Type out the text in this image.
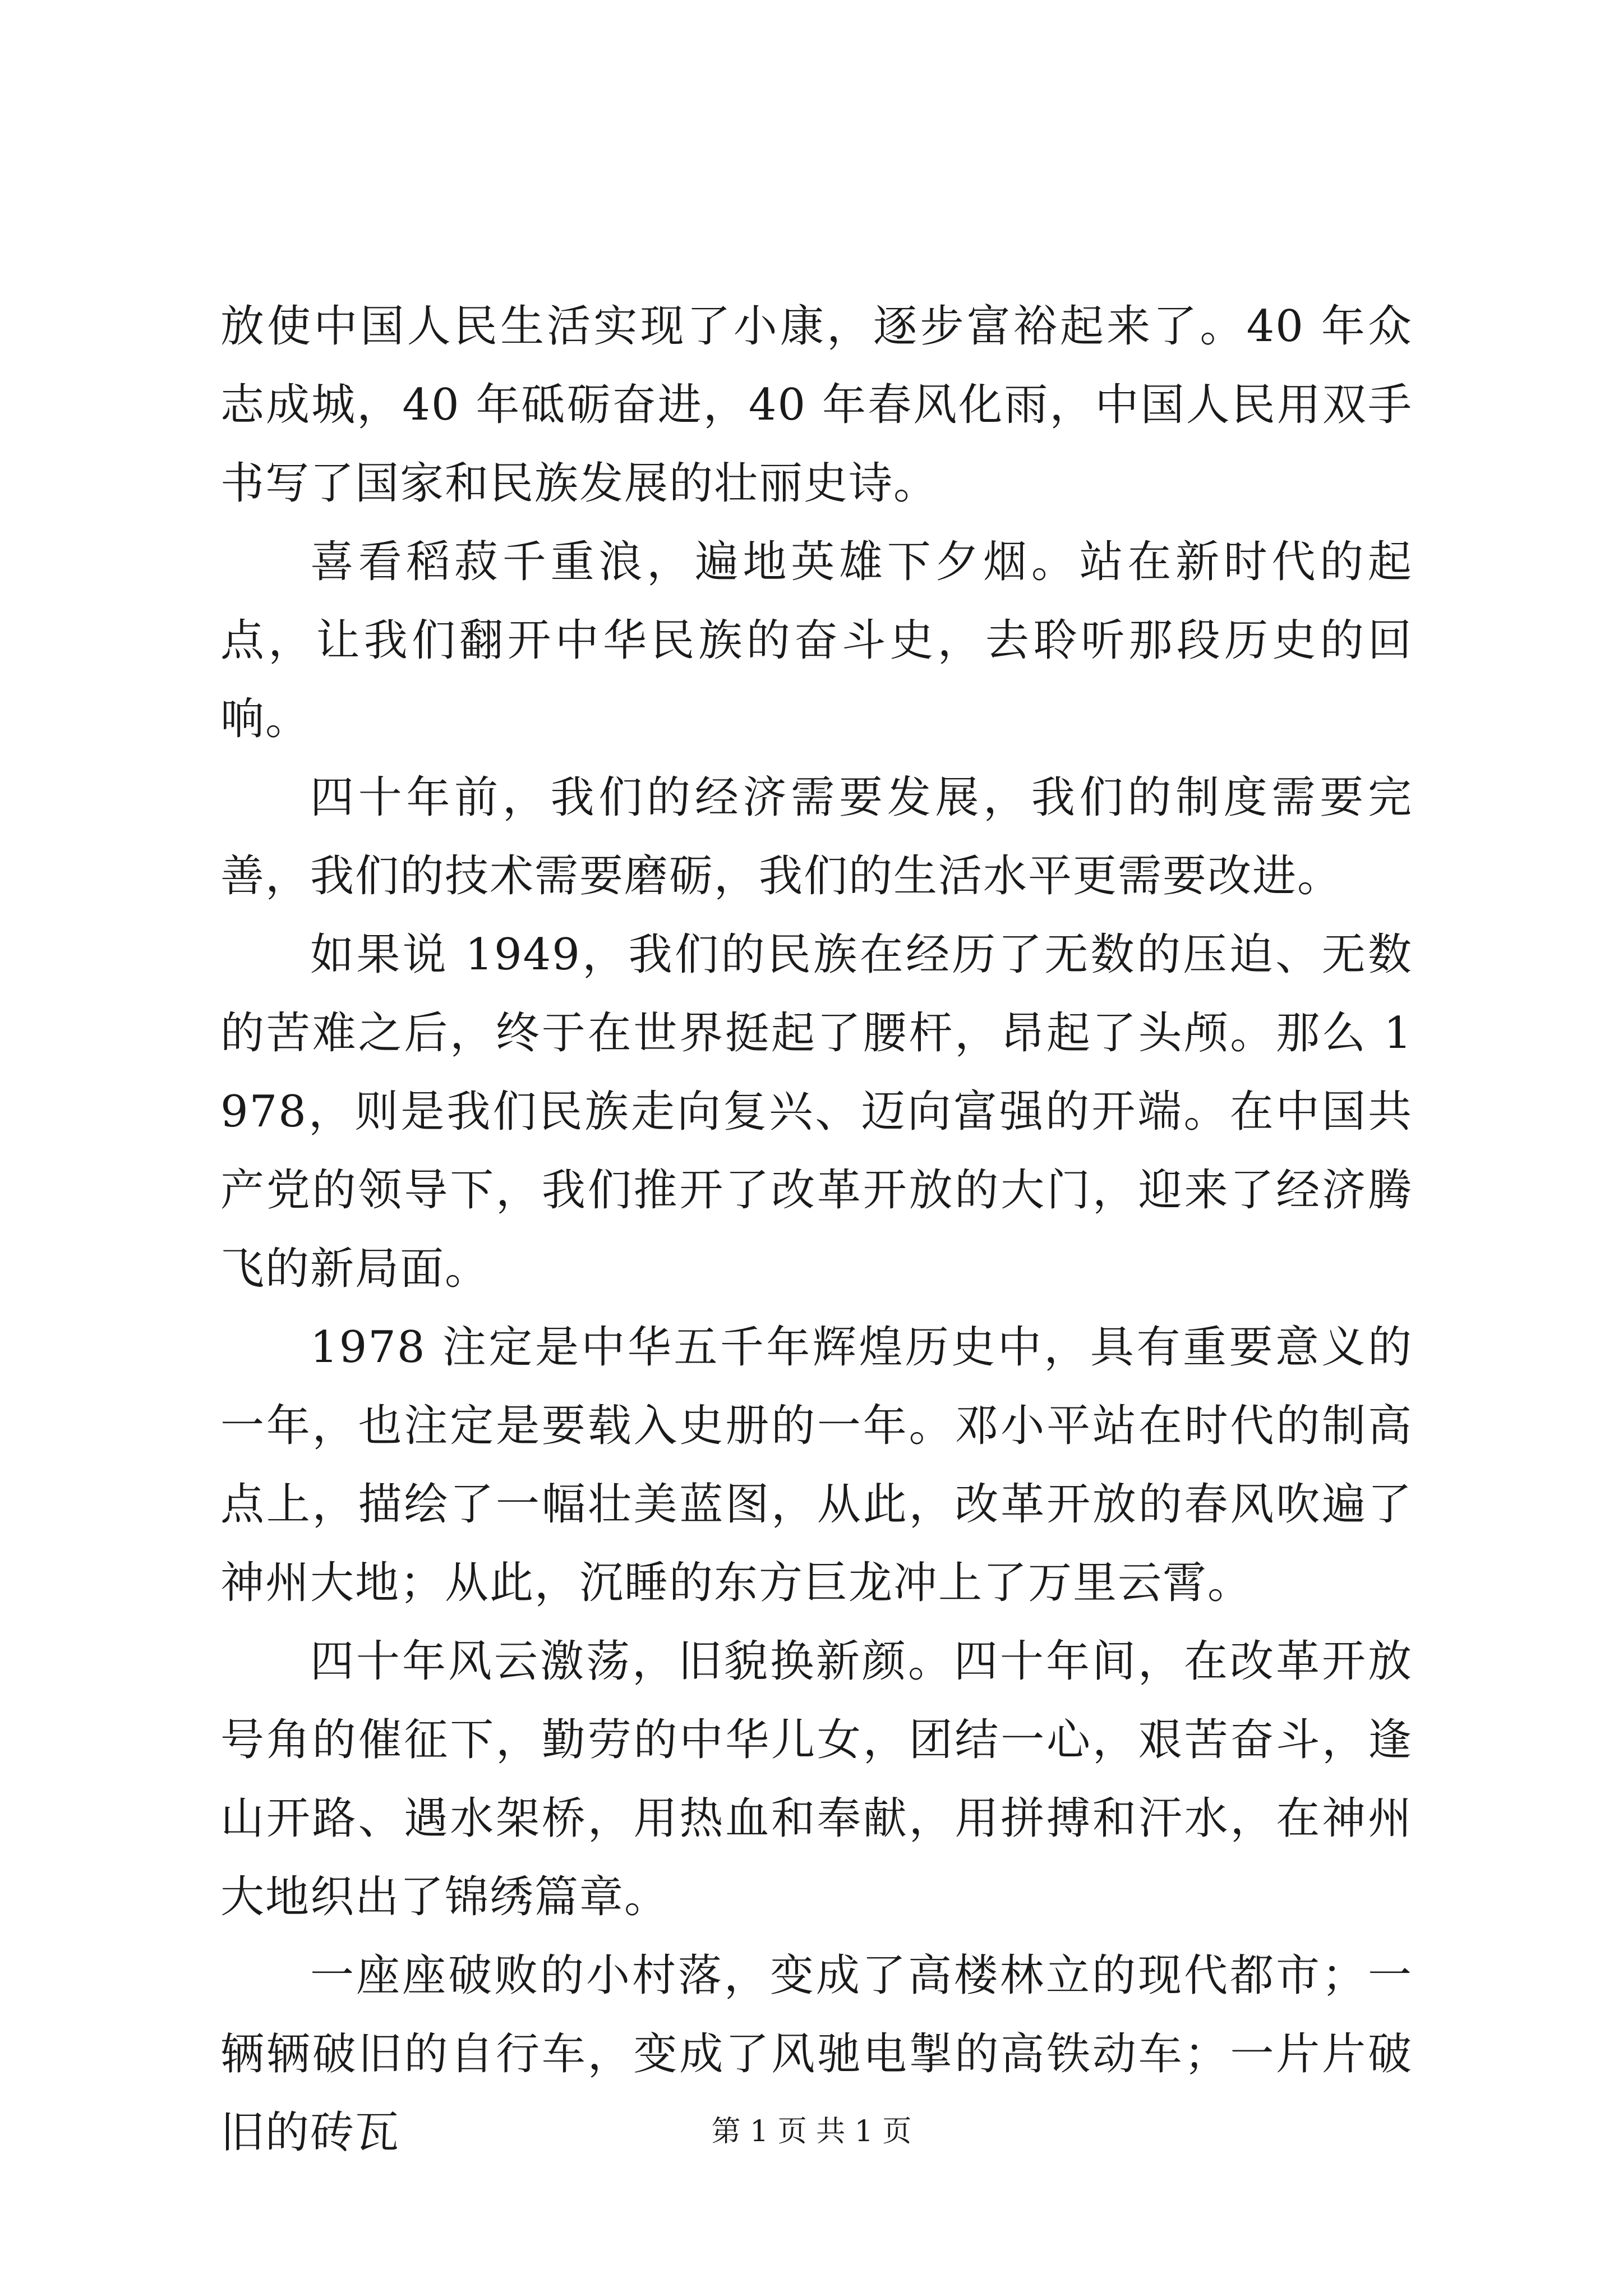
放使中国人民生活实现了小康，逐步富裕起来了。40 年众志成城，40 年砥砺奋进，40 年春风化雨，中国人民用双手书写了国家和民族发展的壮丽史诗。

喜看稻菽千重浪，遍地英雄下夕烟。站在新时代的起点，让我们翻开中华民族的奋斗史，去聆听那段历史的回响。

四十年前，我们的经济需要发展，我们的制度需要完善，我们的技术需要磨砺，我们的生活水平更需要改进。

如果说 1949，我们的民族在经历了无数的压迫、无数的苦难之后，终于在世界挺起了腰杆，昂起了头颅。那么 1978，则是我们民族走向复兴、迈向富强的开端。在中国共产党的领导下，我们推开了改革开放的大门，迎来了经济腾飞的新局面。

1978 注定是中华五千年辉煌历史中，具有重要意义的一年，也注定是要载入史册的一年。邓小平站在时代的制高点上，描绘了一幅壮美蓝图，从此，改革开放的春风吹遍了神州大地；从此，沉睡的东方巨龙冲上了万里云霄。

四十年风云激荡，旧貌换新颜。四十年间，在改革开放号角的催征下，勤劳的中华儿女，团结一心，艰苦奋斗，逢山开路、遇水架桥，用热血和奉献，用拼搏和汗水，在神州大地织出了锦绣篇章。

一座座破败的小村落，变成了高楼林立的现代都市；一辆辆破旧的自行车，变成了风驰电掣的高铁动车；一片片破旧的砖瓦	第 1 页 共 1 页
